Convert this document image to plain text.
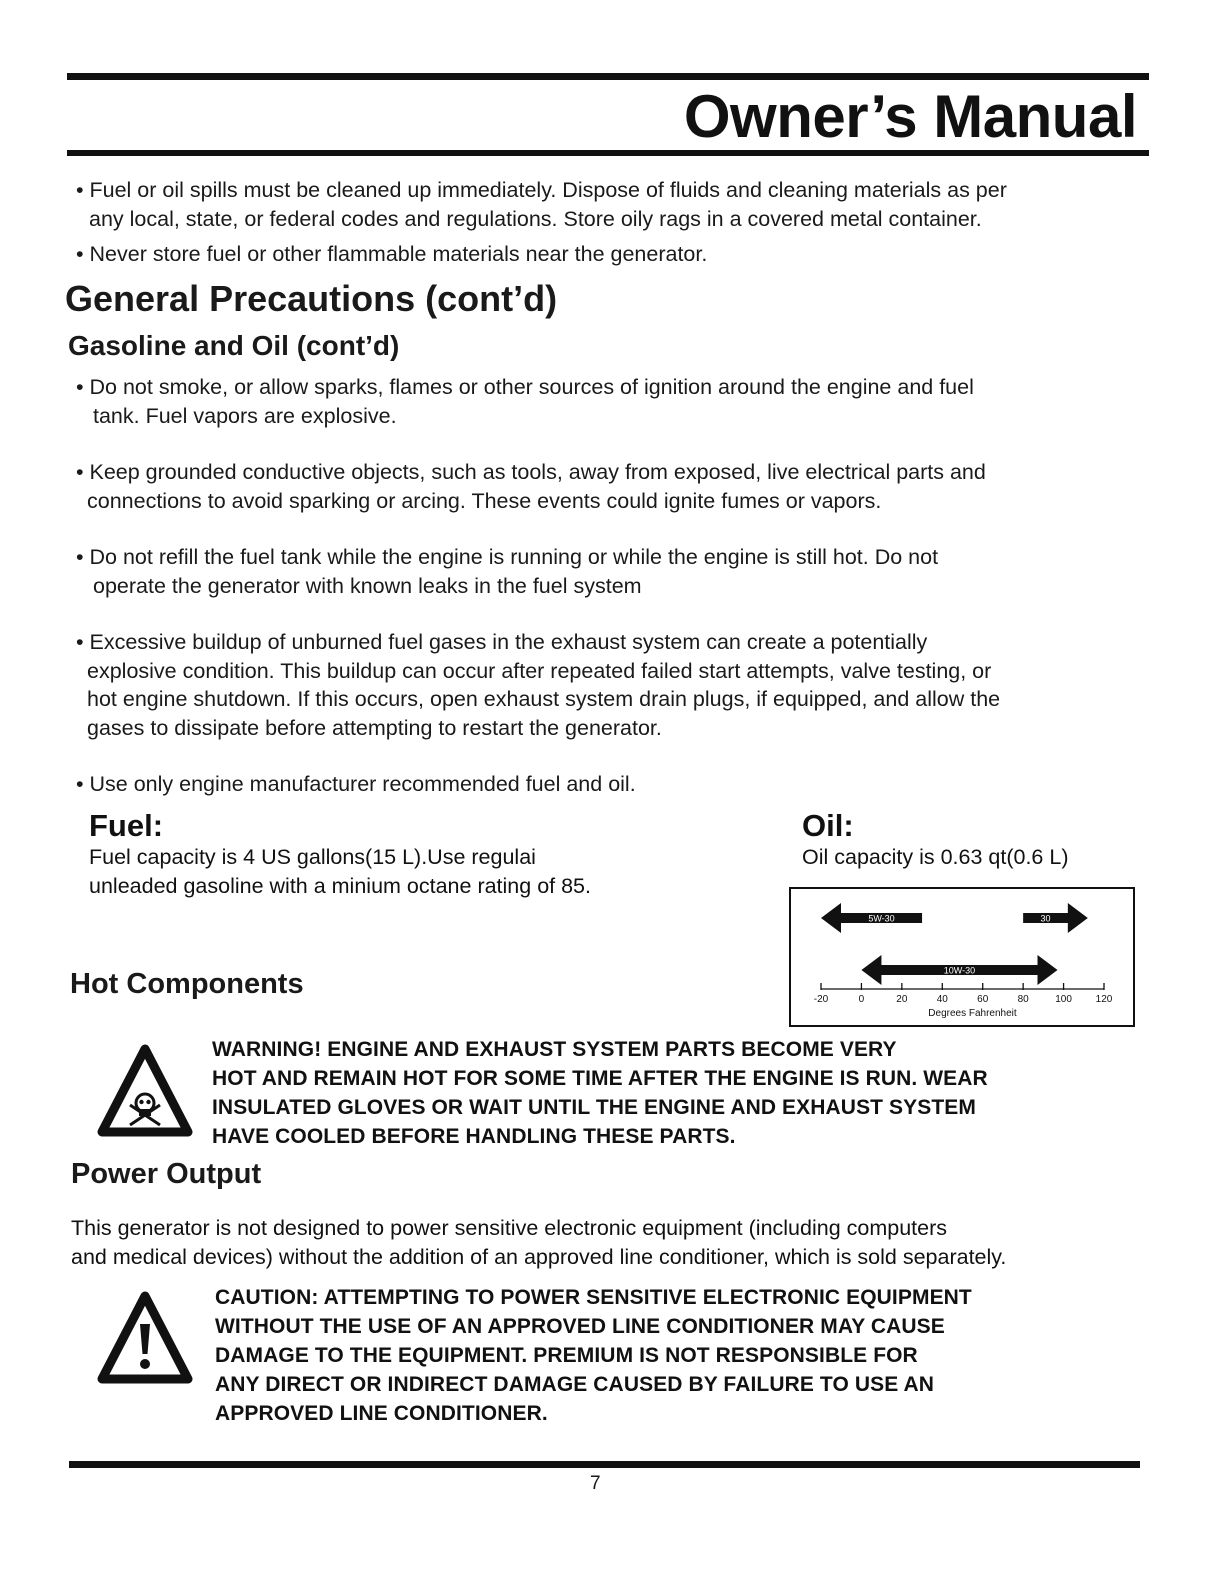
Owner’s Manual
• Fuel or oil spills must be cleaned up immediately. Dispose of fluids and cleaning materials as per
any local, state, or federal codes and regulations. Store oily rags in a covered metal container.
• Never store fuel or other flammable materials near the generator.
General Precautions (cont’d)
Gasoline and Oil (cont’d)
• Do not smoke, or allow sparks, flames or other sources of ignition around the engine and fuel
tank. Fuel vapors are explosive.
• Keep grounded conductive objects, such as tools, away from exposed, live electrical parts and
connections to avoid sparking or arcing. These events could ignite fumes or vapors.
• Do not refill the fuel tank while the engine is running or while the engine is still hot. Do not
operate the generator with known leaks in the fuel system
• Excessive buildup of unburned fuel gases in the exhaust system can create a potentially
explosive condition. This buildup can occur after repeated failed start attempts, valve testing, or
hot engine shutdown. If this occurs, open exhaust system drain plugs, if equipped, and allow the
gases to dissipate before attempting to restart the generator.
• Use only engine manufacturer recommended fuel and oil.
Fuel:
Fuel capacity is 4 US gallons(15 L).Use regulai
unleaded gasoline with a minium octane rating of 85.
Oil:
Oil capacity is 0.63 qt(0.6 L)
5W-30	30
10W-30
-20	0	20	40	60	80	100 120
Degrees Fahrenheit
Hot Components
WARNING! ENGINE AND EXHAUST SYSTEM PARTS BECOME VERY
HOT AND REMAIN HOT FOR SOME TIME AFTER THE ENGINE IS RUN. WEAR
INSULATED GLOVES OR WAIT UNTIL THE ENGINE AND EXHAUST SYSTEM
HAVE COOLED BEFORE HANDLING THESE PARTS.
Power Output
This generator is not designed to power sensitive electronic equipment (including computers
and medical devices) without the addition of an approved line conditioner, which is sold separately.
CAUTION: ATTEMPTING TO POWER SENSITIVE ELECTRONIC EQUIPMENT
WITHOUT THE USE OF AN APPROVED LINE CONDITIONER MAY CAUSE
DAMAGE TO THE EQUIPMENT. PREMIUM IS NOT RESPONSIBLE FOR
ANY DIRECT OR INDIRECT DAMAGE CAUSED BY FAILURE TO USE AN
APPROVED LINE CONDITIONER.
7
